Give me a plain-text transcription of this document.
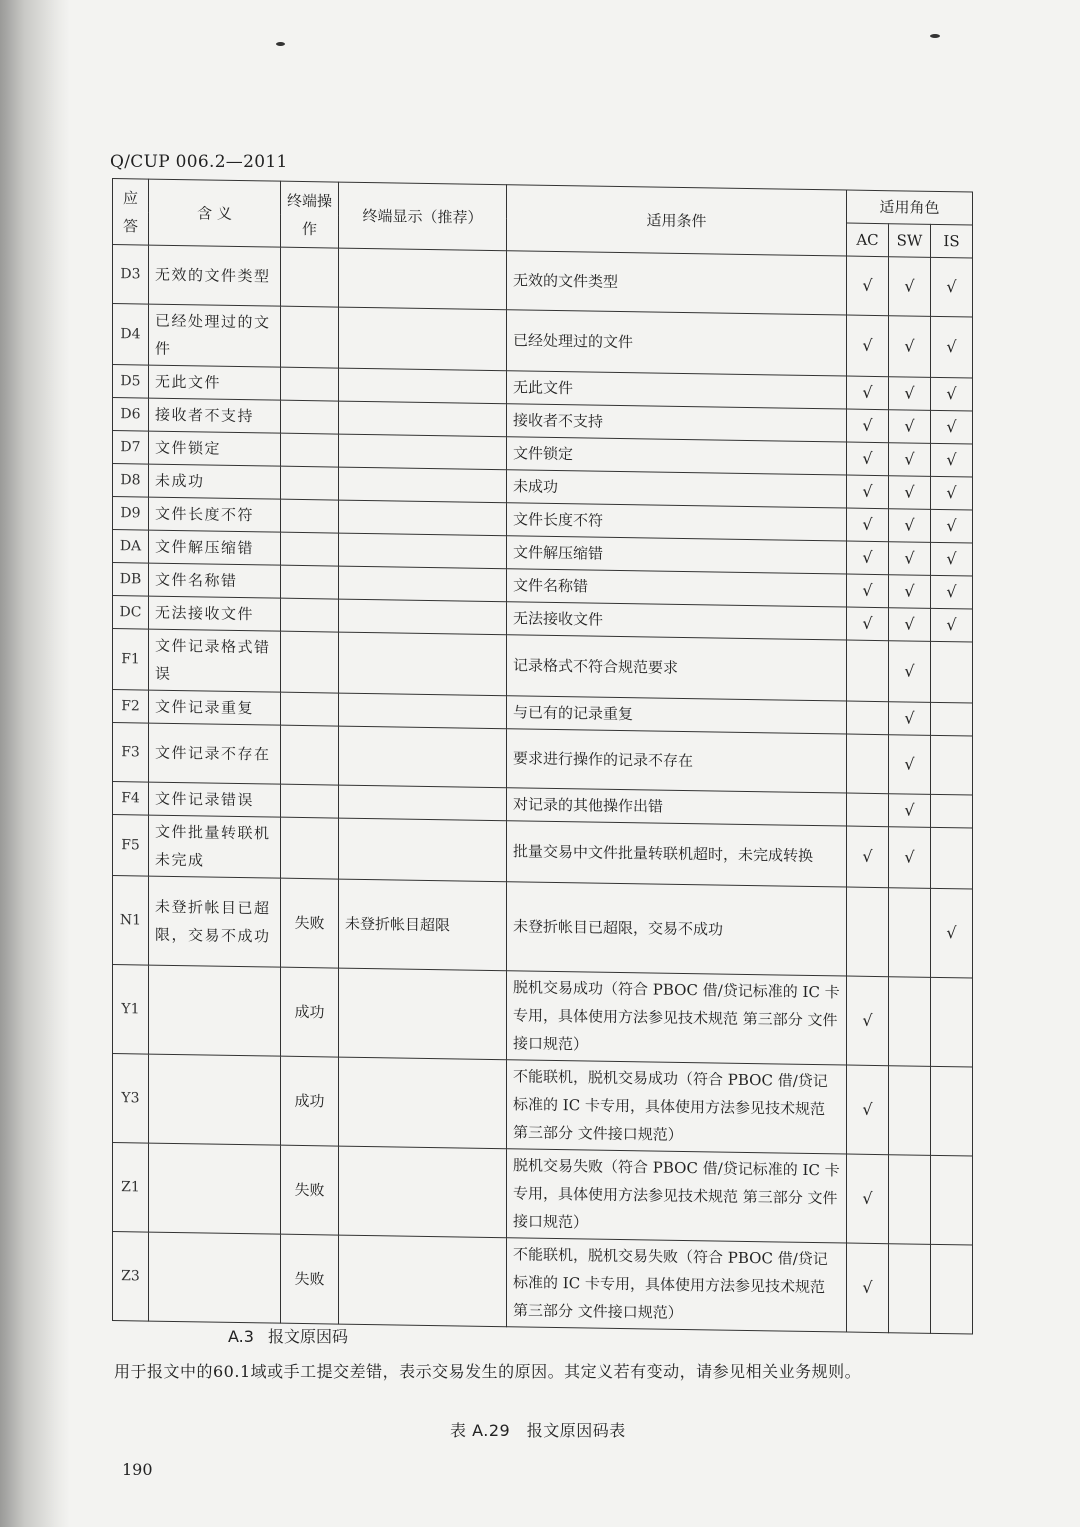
Q/CUP 006.2—2011
应答	含 义	终端操作	终端显示（推荐）	适用条件	适用角色		
					AC	SW	IS
D3	无效的文件类型			无效的文件类型	√	√	√
D4	已经处理过的文件			已经处理过的文件	√	√	√
D5	无此文件			无此文件	√	√	√
D6	接收者不支持			接收者不支持	√	√	√
D7	文件锁定			文件锁定	√	√	√
D8	未成功			未成功	√	√	√
D9	文件长度不符			文件长度不符	√	√	√
DA	文件解压缩错			文件解压缩错	√	√	√
DB	文件名称错			文件名称错	√	√	√
DC	无法接收文件			无法接收文件	√	√	√
F1	文件记录格式错误			记录格式不符合规范要求		√	
F2	文件记录重复			与已有的记录重复		√	
F3	文件记录不存在			要求进行操作的记录不存在		√	
F4	文件记录错误			对记录的其他操作出错		√	
F5	文件批量转联机未完成			批量交易中文件批量转联机超时，未完成转换	√	√	
N1	未登折帐目已超限，交易不成功	失败	未登折帐目超限	未登折帐目已超限，交易不成功			√
Y1		成功		脱机交易成功（符合 PBOC 借/贷记标准的 IC 卡专用，具体使用方法参见技术规范 第三部分 文件接口规范）	√		
Y3		成功		不能联机，脱机交易成功（符合 PBOC 借/贷记标准的 IC 卡专用，具体使用方法参见技术规范 第三部分 文件接口规范）	√		
Z1		失败		脱机交易失败（符合 PBOC 借/贷记标准的 IC 卡专用，具体使用方法参见技术规范 第三部分 文件接口规范）	√		
Z3		失败		不能联机，脱机交易失败（符合 PBOC 借/贷记标准的 IC 卡专用，具体使用方法参见技术规范 第三部分 文件接口规范）	√		
A.3 报文原因码
用于报文中的60.1域或手工提交差错，表示交易发生的原因。其定义若有变动，请参见相关业务规则。
表 A.29　报文原因码表
190
